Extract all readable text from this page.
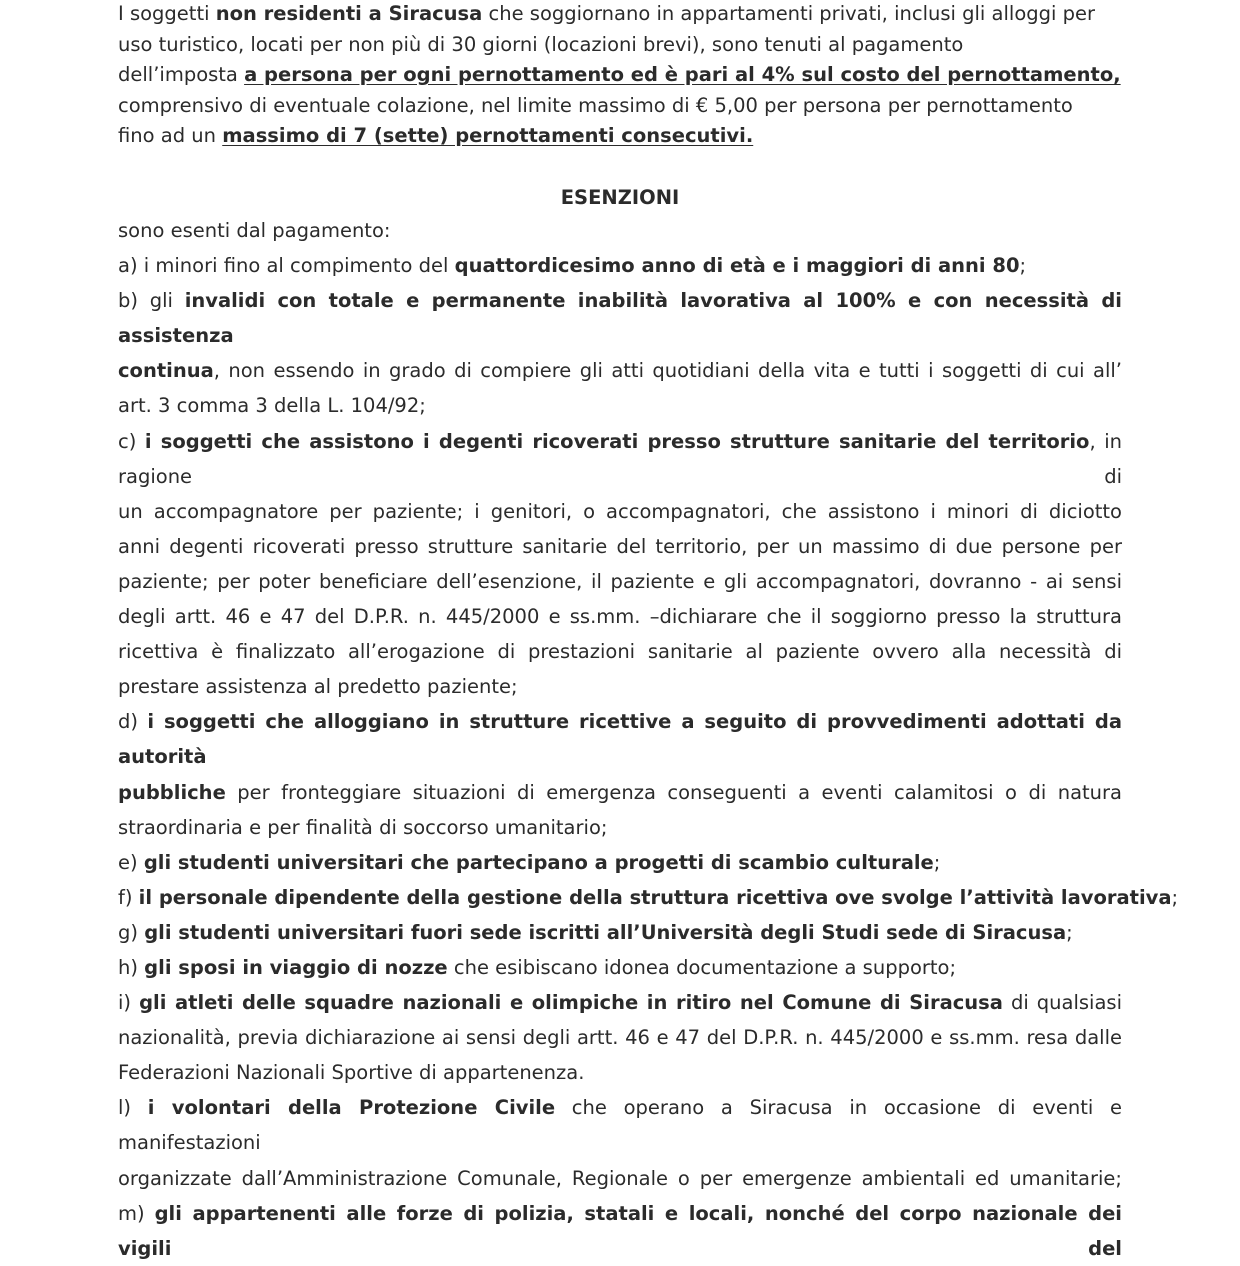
I soggetti non residenti a Siracusa che soggiornano in appartamenti privati, inclusi gli alloggi per
uso turistico, locati per non più di 30 giorni (locazioni brevi), sono tenuti al pagamento
dell’imposta a persona per ogni pernottamento ed è pari al 4% sul costo del pernottamento,
comprensivo di eventuale colazione, nel limite massimo di € 5,00 per persona per pernottamento
fino ad un massimo di 7 (sette) pernottamenti consecutivi.

ESENZIONI
sono esenti dal pagamento:
a) i minori fino al compimento del quattordicesimo anno di età e i maggiori di anni 80;
b) gli invalidi con totale e permanente inabilità lavorativa al 100% e con necessità di assistenza
continua, non essendo in grado di compiere gli atti quotidiani della vita e tutti i soggetti di cui all’
art. 3 comma 3 della L. 104/92;
c) i soggetti che assistono i degenti ricoverati presso strutture sanitarie del territorio, in ragione di
un accompagnatore per paziente; i genitori, o accompagnatori, che assistono i minori di diciotto
anni degenti ricoverati presso strutture sanitarie del territorio, per un massimo di due persone per
paziente; per poter beneficiare dell’esenzione, il paziente e gli accompagnatori, dovranno - ai sensi
degli artt. 46 e 47 del D.P.R. n. 445/2000 e ss.mm. –dichiarare che il soggiorno presso la struttura
ricettiva è finalizzato all’erogazione di prestazioni sanitarie al paziente ovvero alla necessità di
prestare assistenza al predetto paziente;
d) i soggetti che alloggiano in strutture ricettive a seguito di provvedimenti adottati da autorità
pubbliche per fronteggiare situazioni di emergenza conseguenti a eventi calamitosi o di natura
straordinaria e per finalità di soccorso umanitario;
e) gli studenti universitari che partecipano a progetti di scambio culturale;
f) il personale dipendente della gestione della struttura ricettiva ove svolge l’attività lavorativa;
g) gli studenti universitari fuori sede iscritti all’Università degli Studi sede di Siracusa;
h) gli sposi in viaggio di nozze che esibiscano idonea documentazione a supporto;
i) gli atleti delle squadre nazionali e olimpiche in ritiro nel Comune di Siracusa di qualsiasi
nazionalità, previa dichiarazione ai sensi degli artt. 46 e 47 del D.P.R. n. 445/2000 e ss.mm. resa dalle
Federazioni Nazionali Sportive di appartenenza.
l) i volontari della Protezione Civile che operano a Siracusa in occasione di eventi e manifestazioni
organizzate dall’Amministrazione Comunale, Regionale o per emergenze ambientali ed umanitarie;
m) gli appartenenti alle forze di polizia, statali e locali, nonché del corpo nazionale dei vigili del
